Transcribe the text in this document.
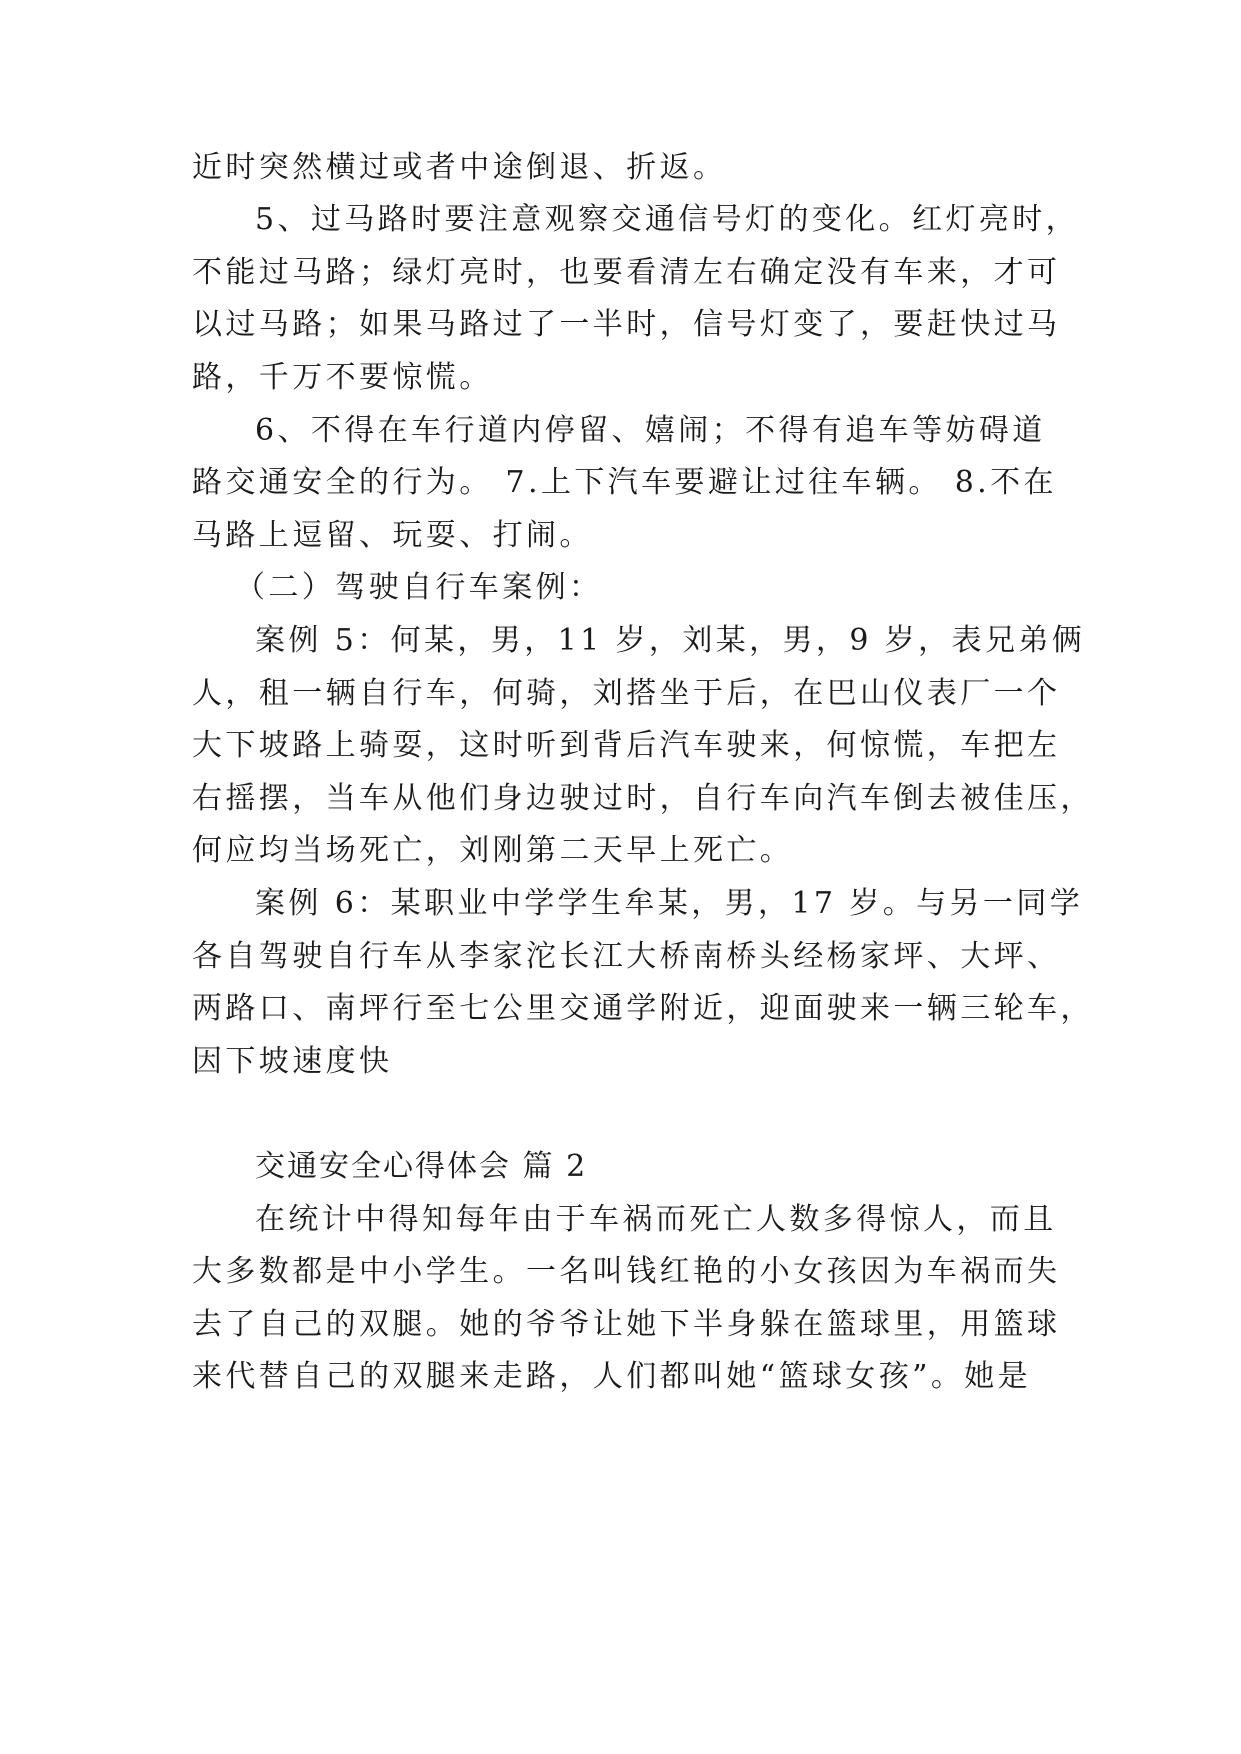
近时突然横过或者中途倒退、折返。
5、过马路时要注意观察交通信号灯的变化。红灯亮时，
不能过马路；绿灯亮时，也要看清左右确定没有车来，才可
以过马路；如果马路过了一半时，信号灯变了，要赶快过马
路，千万不要惊慌。
6、不得在车行道内停留、嬉闹；不得有追车等妨碍道
路交通安全的行为。 7.上下汽车要避让过往车辆。 8.不在
马路上逗留、玩耍、打闹。
（二）驾驶自行车案例：
案例 5：何某，男，11 岁，刘某，男，9 岁，表兄弟俩
人，租一辆自行车，何骑，刘搭坐于后，在巴山仪表厂一个
大下坡路上骑耍，这时听到背后汽车驶来，何惊慌，车把左
右摇摆，当车从他们身边驶过时，自行车向汽车倒去被佳压，
何应均当场死亡，刘刚第二天早上死亡。
案例 6：某职业中学学生牟某，男，17 岁。与另一同学
各自驾驶自行车从李家沱长江大桥南桥头经杨家坪、大坪、
两路口、南坪行至七公里交通学附近，迎面驶来一辆三轮车，
因下坡速度快
交通安全心得体会 篇 2
在统计中得知每年由于车祸而死亡人数多得惊人，而且
大多数都是中小学生。一名叫钱红艳的小女孩因为车祸而失
去了自己的双腿。她的爷爷让她下半身躲在篮球里，用篮球
来代替自己的双腿来走路，人们都叫她“篮球女孩”。她是
